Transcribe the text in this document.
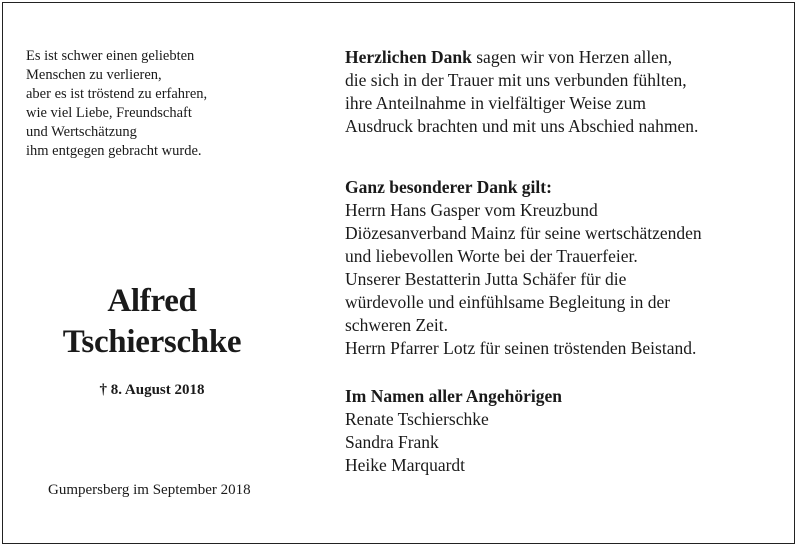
Es ist schwer einen geliebten
Menschen zu verlieren,
aber es ist tröstend zu erfahren,
wie viel Liebe, Freundschaft
und Wertschätzung
ihm entgegen gebracht wurde.
Alfred
Tschierschke
† 8. August 2018
Gumpersberg im September 2018
Herzlichen Dank sagen wir von Herzen allen,
die sich in der Trauer mit uns verbunden fühlten,
ihre Anteilnahme in vielfältiger Weise zum
Ausdruck brachten und mit uns Abschied nahmen.
Ganz besonderer Dank gilt:
Herrn Hans Gasper vom Kreuzbund
Diözesanverband Mainz für seine wertschätzenden
und liebevollen Worte bei der Trauerfeier.
Unserer Bestatterin Jutta Schäfer für die
würdevolle und einfühlsame Begleitung in der
schweren Zeit.
Herrn Pfarrer Lotz für seinen tröstenden Beistand.
Im Namen aller Angehörigen
Renate Tschierschke
Sandra Frank
Heike Marquardt
